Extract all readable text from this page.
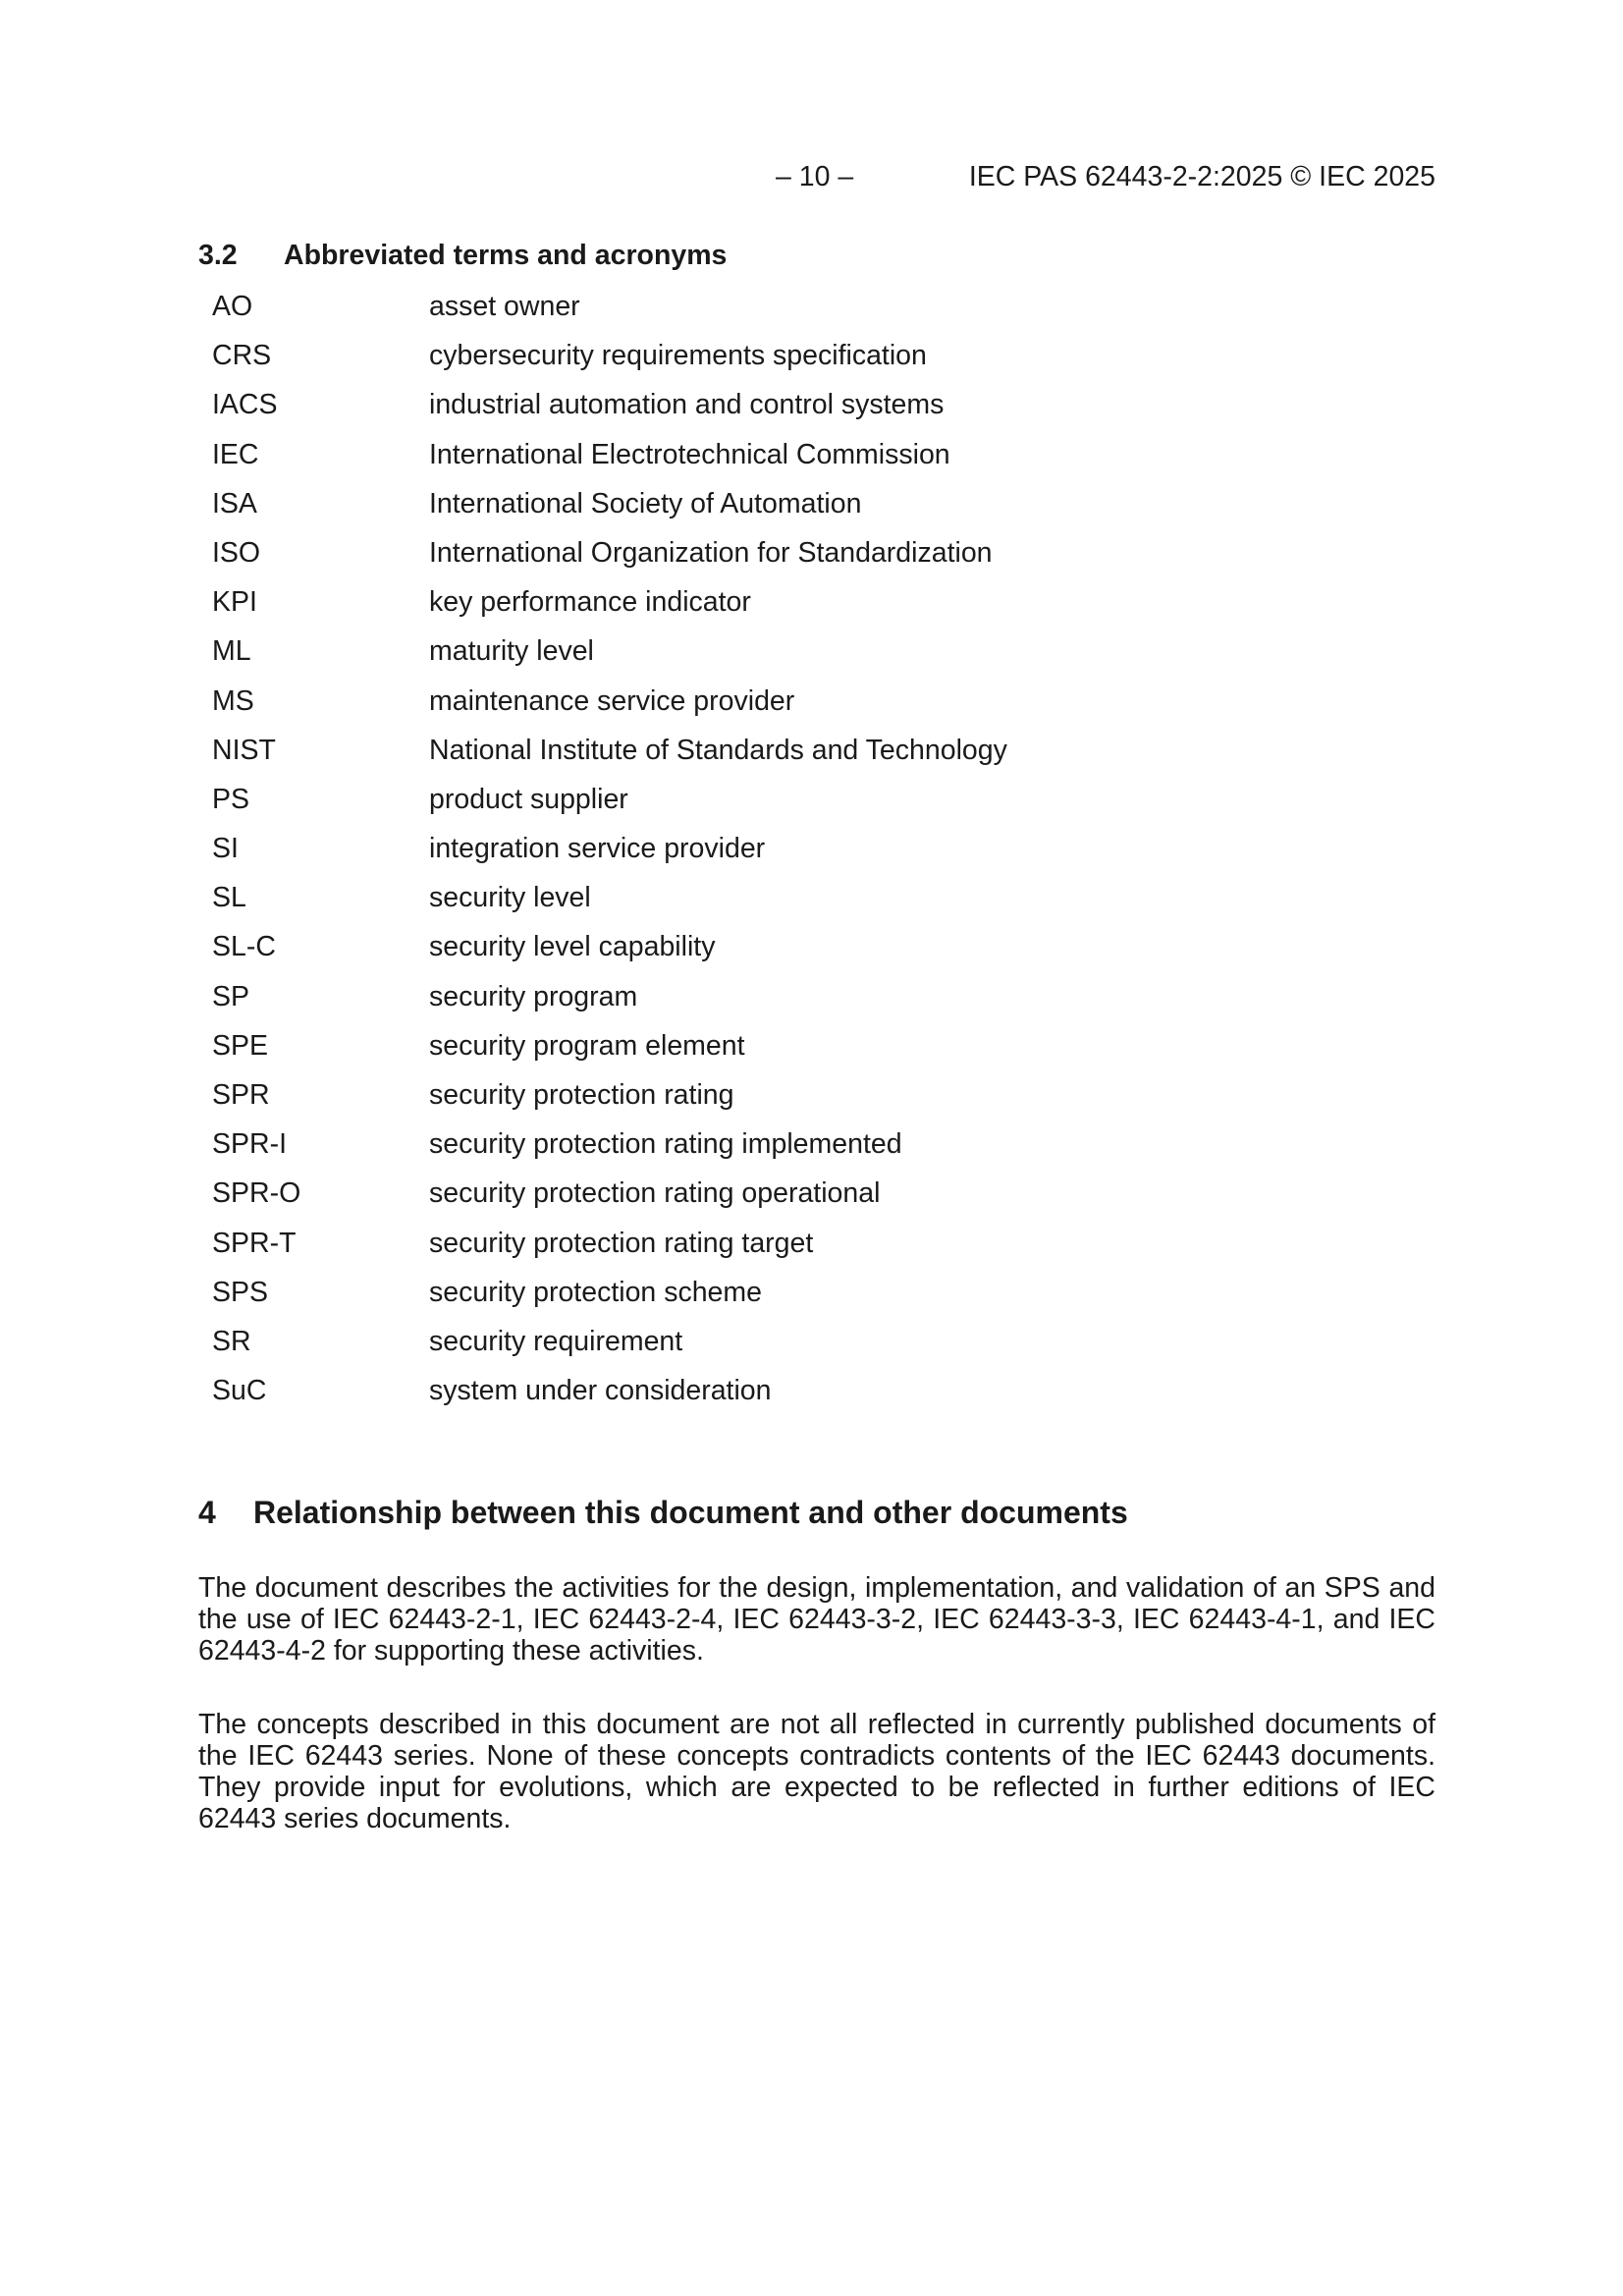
– 10 –	IEC PAS 62443-2-2:2025 © IEC 2025
3.2 Abbreviated terms and acronyms
AO	asset owner
CRS	cybersecurity requirements specification
IACS	industrial automation and control systems
IEC	International Electrotechnical Commission
ISA	International Society of Automation
ISO	International Organization for Standardization
KPI	key performance indicator
ML	maturity level
MS	maintenance service provider
NIST	National Institute of Standards and Technology
PS	product supplier
SI	integration service provider
SL	security level
SL-C	security level capability
SP	security program
SPE	security program element
SPR	security protection rating
SPR-I	security protection rating implemented
SPR-O	security protection rating operational
SPR-T	security protection rating target
SPS	security protection scheme
SR	security requirement
SuC	system under consideration
4 Relationship between this document and other documents

The document describes the activities for the design, implementation, and validation of an SPS and the use of IEC 62443-2-1, IEC 62443-2-4, IEC 62443-3-2, IEC 62443-3-3, IEC 62443-4-1, and IEC 62443-4-2 for supporting these activities.

The concepts described in this document are not all reflected in currently published documents of the IEC 62443 series. None of these concepts contradicts contents of the IEC 62443 documents. They provide input for evolutions, which are expected to be reflected in further editions of IEC 62443 series documents.
